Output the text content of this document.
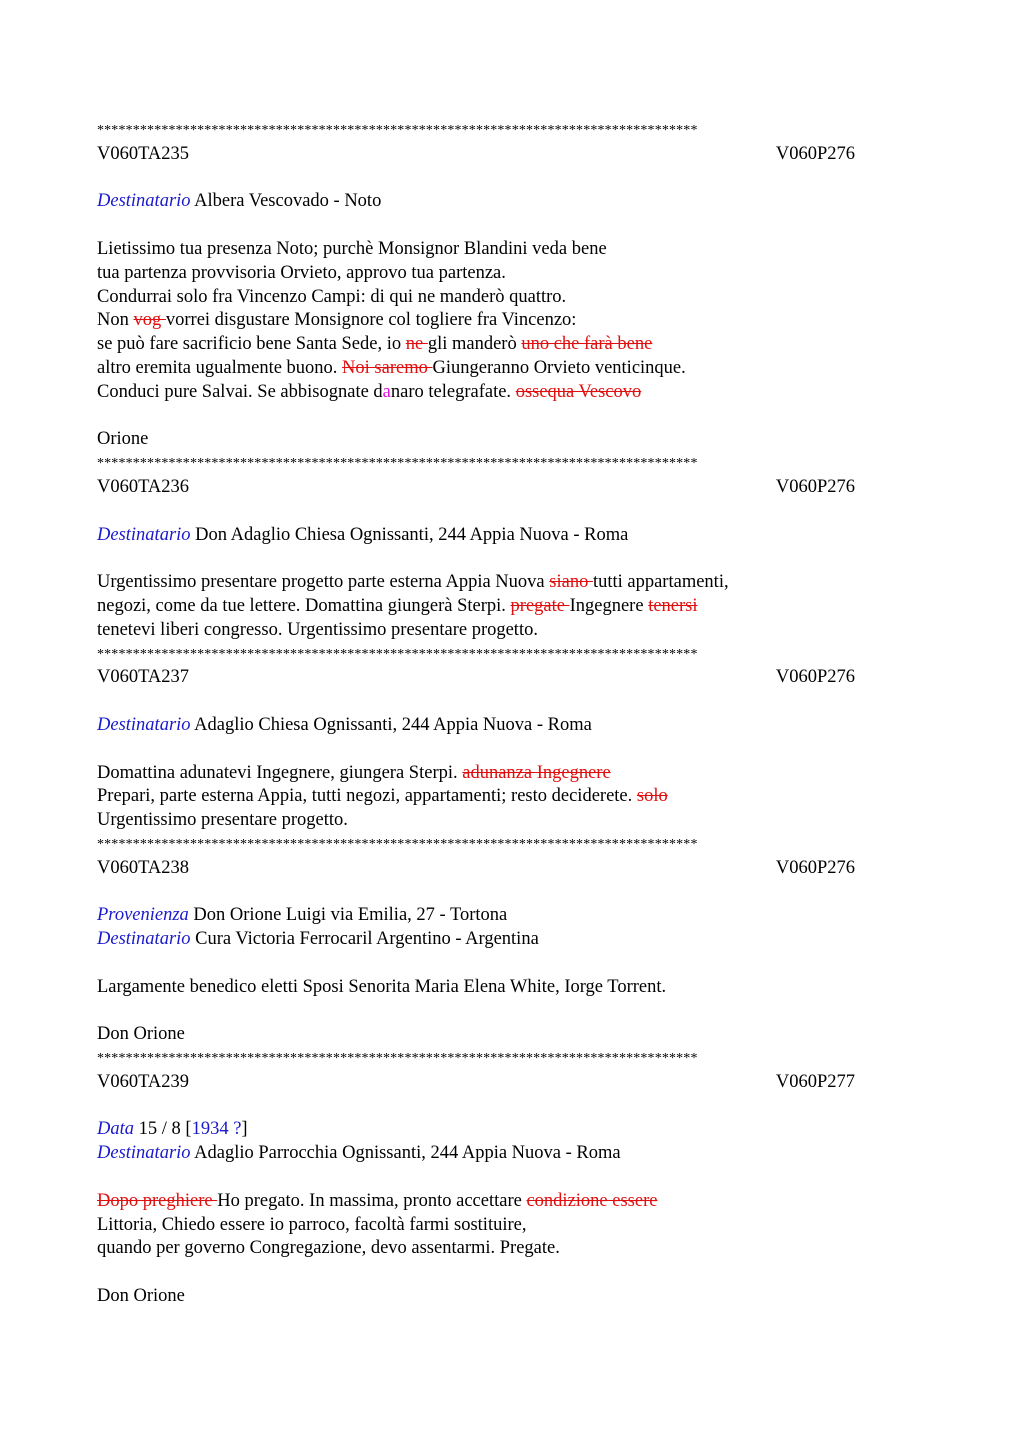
************************************************************************************
V060TA235	V060P276
Destinatario Albera Vescovado - Noto
Lietissimo tua presenza Noto; purchè Monsignor Blandini veda bene
tua partenza provvisoria Orvieto, approvo tua partenza.
Condurrai solo fra Vincenzo Campi: di qui ne manderò quattro.
Non vog vorrei disgustare Monsignore col togliere fra Vincenzo:
se può fare sacrificio bene Santa Sede, io ne gli manderò uno che farà bene
altro eremita ugualmente buono. Noi saremo Giungeranno Orvieto venticinque.
Conduci pure Salvai. Se abbisognate danaro telegrafate. ossequa Vescovo
Orione
************************************************************************************
V060TA236	V060P276
Destinatario Don Adaglio Chiesa Ognissanti, 244 Appia Nuova - Roma
Urgentissimo presentare progetto parte esterna Appia Nuova siano tutti appartamenti,
negozi, come da tue lettere. Domattina giungerà Sterpi. pregate Ingegnere tenersi
tenetevi liberi congresso. Urgentissimo presentare progetto.
************************************************************************************
V060TA237	V060P276
Destinatario Adaglio Chiesa Ognissanti, 244 Appia Nuova - Roma
Domattina adunatevi Ingegnere, giungera Sterpi. adunanza Ingegnere
Prepari, parte esterna Appia, tutti negozi, appartamenti; resto deciderete. solo
Urgentissimo presentare progetto.
************************************************************************************
V060TA238	V060P276
Provenienza Don Orione Luigi via Emilia, 27 - Tortona
Destinatario Cura Victoria Ferrocaril Argentino - Argentina
Largamente benedico eletti Sposi Senorita Maria Elena White, Iorge Torrent.
Don Orione
************************************************************************************
V060TA239	V060P277
Data 15 / 8 [1934 ?]
Destinatario Adaglio Parrocchia Ognissanti, 244 Appia Nuova - Roma
Dopo preghiere Ho pregato. In massima, pronto accettare condizione essere
Littoria, Chiedo essere io parroco, facoltà farmi sostituire,
quando per governo Congregazione, devo assentarmi. Pregate.
Don Orione
